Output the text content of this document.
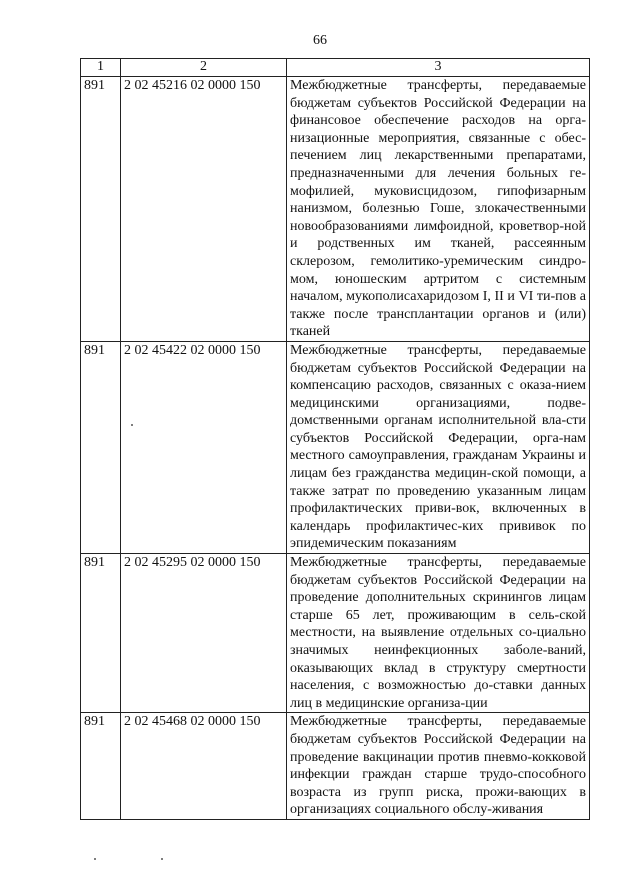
66
1	2	3
891	2 02 45216 02 0000 150	Межбюджетные трансферты, передаваемые бюджетам субъектов Российской Федерации на финансовое обеспечение расходов на орга-низационные мероприятия, связанные с обес-печением лиц лекарственными препаратами, предназначенными для лечения больных ге-мофилией, муковисцидозом, гипофизарным нанизмом, болезнью Гоше, злокачественными новообразованиями лимфоидной, кроветвор-ной и родственных им тканей, рассеянным склерозом, гемолитико-уремическим синдро-мом, юношеским артритом с системным началом, мукополисахаридозом I, II и VI ти-пов а также после трансплантации органов и (или) тканей
891	2 02 45422 02 0000 150	Межбюджетные трансферты, передаваемые бюджетам субъектов Российской Федерации на компенсацию расходов, связанных с оказа-нием медицинскими организациями, подве-домственными органам исполнительной вла-сти субъектов Российской Федерации, орга-нам местного самоуправления, гражданам Украины и лицам без гражданства медицин-ской помощи, а также затрат по проведению указанным лицам профилактических приви-вок, включенных в календарь профилактичес-ких прививок по эпидемическим показаниям
891	2 02 45295 02 0000 150	Межбюджетные трансферты, передаваемые бюджетам субъектов Российской Федерации на проведение дополнительных скринингов лицам старше 65 лет, проживающим в сель-ской местности, на выявление отдельных со-циально значимых неинфекционных заболе-ваний, оказывающих вклад в структуру смертности населения, с возможностью до-ставки данных лиц в медицинские организа-ции
891	2 02 45468 02 0000 150	Межбюджетные трансферты, передаваемые бюджетам субъектов Российской Федерации на проведение вакцинации против пневмо-кокковой инфекции граждан старше трудо-способного возраста из групп риска, прожи-вающих в организациях социального обслу-живания
